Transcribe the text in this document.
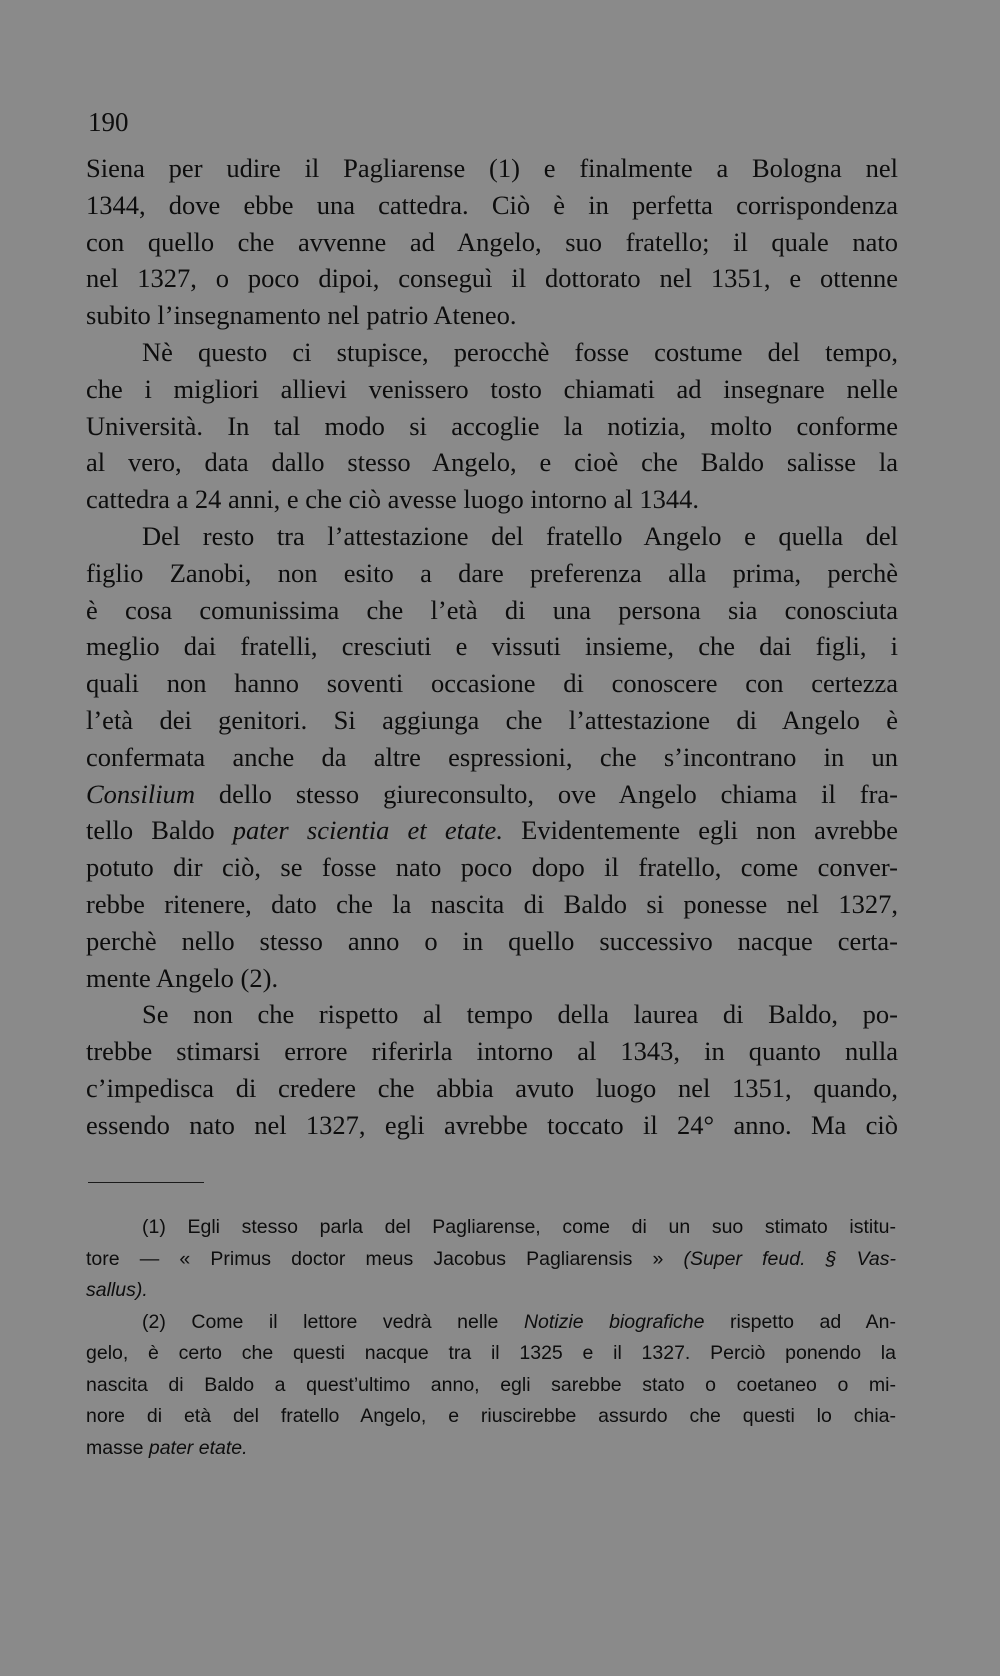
190
Siena per udire il Pagliarense (1) e finalmente a Bologna nel
1344, dove ebbe una cattedra. Ciò è in perfetta corrispondenza
con quello che avvenne ad Angelo, suo fratello; il quale nato
nel 1327, o poco dipoi, conseguì il dottorato nel 1351, e ottenne
subito l’insegnamento nel patrio Ateneo.
Nè questo ci stupisce, perocchè fosse costume del tempo,
che i migliori allievi venissero tosto chiamati ad insegnare nelle
Università. In tal modo si accoglie la notizia, molto conforme
al vero, data dallo stesso Angelo, e cioè che Baldo salisse la
cattedra a 24 anni, e che ciò avesse luogo intorno al 1344.
Del resto tra l’attestazione del fratello Angelo e quella del
figlio Zanobi, non esito a dare preferenza alla prima, perchè
è cosa comunissima che l’età di una persona sia conosciuta
meglio dai fratelli, cresciuti e vissuti insieme, che dai figli, i
quali non hanno soventi occasione di conoscere con certezza
l’età dei genitori. Si aggiunga che l’attestazione di Angelo è
confermata anche da altre espressioni, che s’incontrano in un
Consilium dello stesso giureconsulto, ove Angelo chiama il fra-
tello Baldo pater scientia et etate. Evidentemente egli non avrebbe
potuto dir ciò, se fosse nato poco dopo il fratello, come conver-
rebbe ritenere, dato che la nascita di Baldo si ponesse nel 1327,
perchè nello stesso anno o in quello successivo nacque certa-
mente Angelo (2).
Se non che rispetto al tempo della laurea di Baldo, po-
trebbe stimarsi errore riferirla intorno al 1343, in quanto nulla
c’impedisca di credere che abbia avuto luogo nel 1351, quando,
essendo nato nel 1327, egli avrebbe toccato il 24° anno. Ma ciò
(1) Egli stesso parla del Pagliarense, come di un suo stimato istitu-
tore — « Primus doctor meus Jacobus Pagliarensis » (Super feud. § Vas-
sallus).
(2) Come il lettore vedrà nelle Notizie biografiche rispetto ad An-
gelo, è certo che questi nacque tra il 1325 e il 1327. Perciò ponendo la
nascita di Baldo a quest’ultimo anno, egli sarebbe stato o coetaneo o mi-
nore di età del fratello Angelo, e riuscirebbe assurdo che questi lo chia-
masse pater etate.
